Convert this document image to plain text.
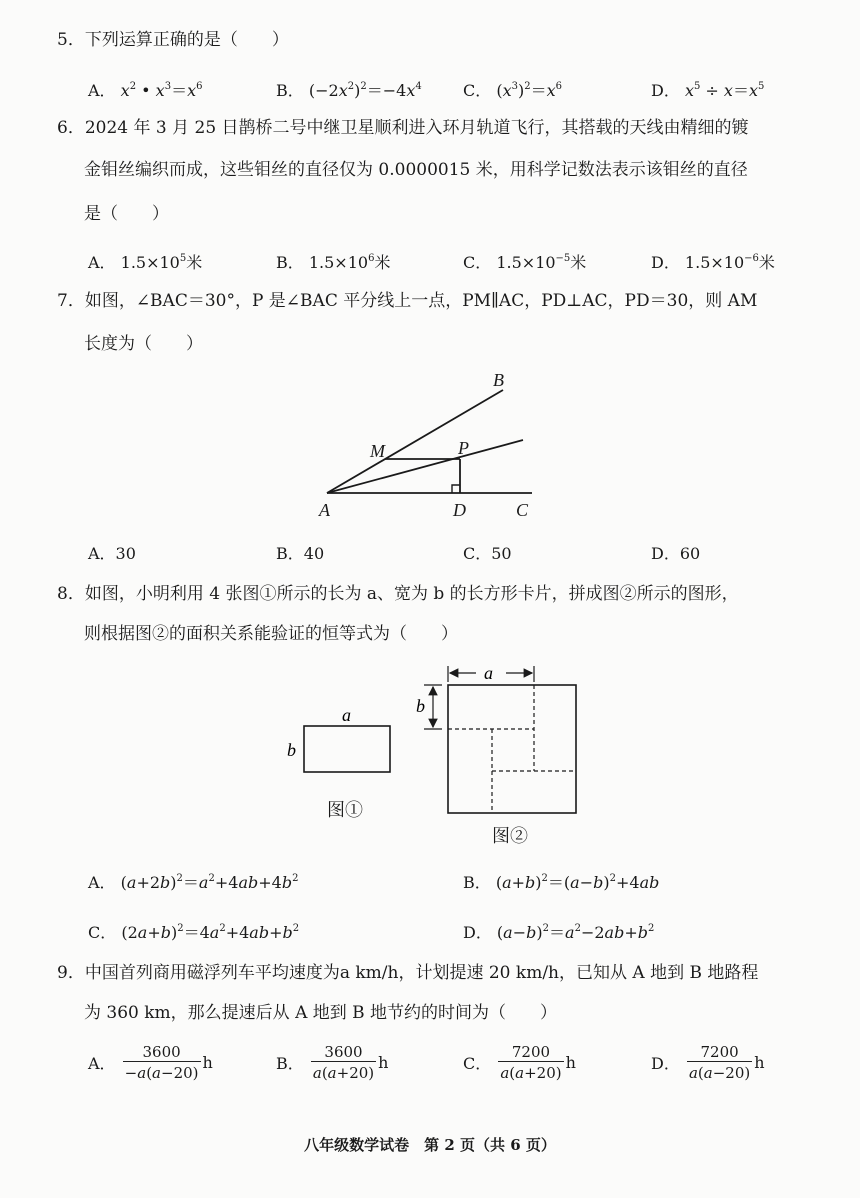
5．下列运算正确的是（　　）
A． $x^2$ • $x^3=x^6$	B． $(-2x^2)^2=-4x^4$	C． $(x^3)^2=x^6$	D． $x^5 \div x=x^5$
6．2024 年 3 月 25 日鹊桥二号中继卫星顺利进入环月轨道飞行，其搭载的天线由精细的镀
金钼丝编织而成，这些钼丝的直径仅为 0.0000015 米，用科学记数法表示该钼丝的直径
是（　　）
A． $1.5\times 10^5$米	B． $1.5\times 10^6$米	C． $1.5\times 10^{-5}$米	D． $1.5\times 10^{-6}$米
7．如图，∠BAC＝30°，P 是∠BAC 平分线上一点，PM∥AC，PD⊥AC，PD＝30，则 AM
长度为（　　）
B
M	P
A	D	C
A．30	B．40	C．50	D．60
8．如图，小明利用 4 张图①所示的长为 a、宽为 b 的长方形卡片，拼成图②所示的图形，
则根据图②的面积关系能验证的恒等式为（　　）
a
b
图①
a
b
图②
A． $(a+2b)^2=a^2+4ab+4b^2$	B． $(a+b)^2=(a-b)^2+4ab$
C． $(2a+b)^2=4a^2+4ab+b^2$	D． $(a-b)^2=a^2-2ab+b^2$
9．中国首列商用磁浮列车平均速度为a km/h，计划提速 20 km/h，已知从 A 地到 B 地路程
为 360 km，那么提速后从 A 地到 B 地节约的时间为（　　）
A． $\frac{3600}{-a(a-20)}$ h	B． $\frac{3600}{a(a+20)}$ h	C． $\frac{7200}{a(a+20)}$ h	D． $\frac{7200}{a(a-20)}$ h
八年级数学试卷　第 2 页（共 6 页）
